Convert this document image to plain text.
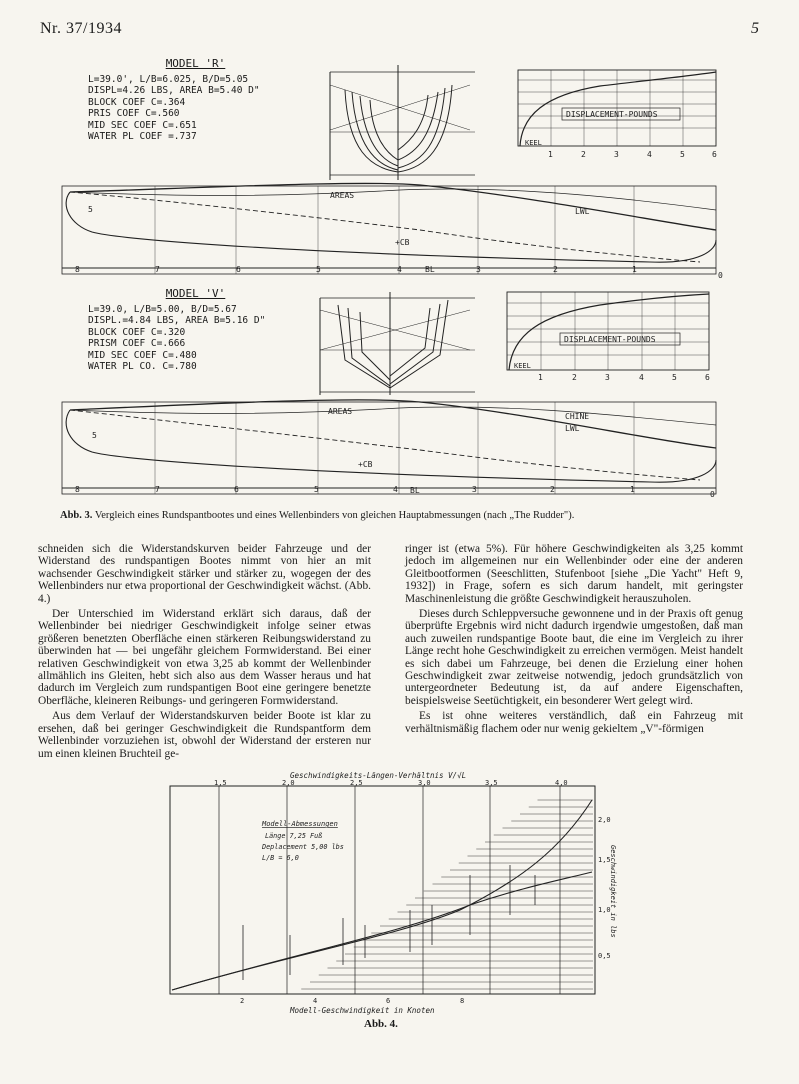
Nr. 37/1934	5
MODEL 'R'
L=39.0', L/B=6.025, B/D=5.05
DISPL=4.26 LBS, AREA B=5.40 D"
BLOCK COEF C=.364
PRIS COEF C=.560
MID SEC COEF C=.651
WATER PL COEF =.737
MODEL 'V'
L=39.0, L/B=5.00, B/D=5.67
DISPL.=4.84 LBS, AREA B=5.16 D"
BLOCK COEF C=.320
PRISM COEF C=.666
MID SEC COEF C=.480
WATER PL CO. C=.780
DISPLACEMENT-POUNDS
KEEL
1	2	3	4	5	6
AREAS
LWL
+CB
BL
5
8	7	6	5	4	3	2	1
0
DISPLACEMENT-POUNDS
KEEL
1	2	3	4	5	6
AREAS
CHINE
LWL
+CB
BL
5
8	7	6	5	4	3	2	1
0
Abb. 3. Vergleich eines Rundspantbootes und eines Wellenbinders von gleichen Hauptabmessungen (nach „The Rudder").

schneiden sich die Widerstandskurven beider Fahrzeuge und der Widerstand des rundspantigen Bootes nimmt von hier an mit wachsender Geschwindigkeit stärker und stärker zu, wogegen der des Wellenbinders nur etwa proportional der Geschwindigkeit wächst. (Abb. 4.)

Der Unterschied im Widerstand erklärt sich daraus, daß der Wellenbinder bei niedriger Geschwindigkeit infolge seiner etwas größeren benetzten Oberfläche einen stärkeren Reibungswiderstand zu überwinden hat — bei ungefähr gleichem Formwiderstand. Bei einer relativen Geschwindigkeit von etwa 3,25 ab kommt der Wellenbinder allmählich ins Gleiten, hebt sich also aus dem Wasser heraus und hat dadurch im Vergleich zum rundspantigen Boot eine geringere benetzte Oberfläche, kleineren Reibungs- und geringeren Formwiderstand.

Aus dem Verlauf der Widerstandskurven beider Boote ist klar zu ersehen, daß bei geringer Geschwindigkeit die Rundspantform dem Wellenbinder vorzuziehen ist, obwohl der Widerstand der ersteren nur um einen kleinen Bruchteil ge-

ringer ist (etwa 5%). Für höhere Geschwindigkeiten als 3,25 kommt jedoch im allgemeinen nur ein Wellenbinder oder eine der anderen Gleitbootformen (Seeschlitten, Stufenboot [siehe „Die Yacht" Heft 9, 1932]) in Frage, sofern es sich darum handelt, mit geringster Maschinenleistung die größte Geschwindigkeit herauszuholen.

Dieses durch Schleppversuche gewonnene und in der Praxis oft genug überprüfte Ergebnis wird nicht dadurch irgendwie umgestoßen, daß man auch zuweilen rundspantige Boote baut, die eine im Vergleich zu ihrer Länge recht hohe Geschwindigkeit zu erreichen vermögen. Meist handelt es sich dabei um Fahrzeuge, bei denen die Erzielung einer hohen Geschwindigkeit zwar zeitweise notwendig, jedoch grundsätzlich von untergeordneter Bedeutung ist, da auf andere Eigenschaften, beispielsweise Seetüchtigkeit, ein besonderer Wert gelegt wird.

Es ist ohne weiteres verständlich, daß ein Fahrzeug mit verhältnismäßig flachem oder nur wenig gekieltem „V"-förmigen

Geschwindigkeits-Längen-Verhältnis V/√L
1,5	2,0	2,5	3,0	3,5	4,0
2	4	6	8
Modell-Geschwindigkeit in Knoten
2,0
1,5
1,0
0,5
Geschwindigkeit in lbs
Modell-Abmessungen
Länge 7,25 Fuß
Deplacement 5,00 lbs
L/B = 6,0
Abb. 4.
